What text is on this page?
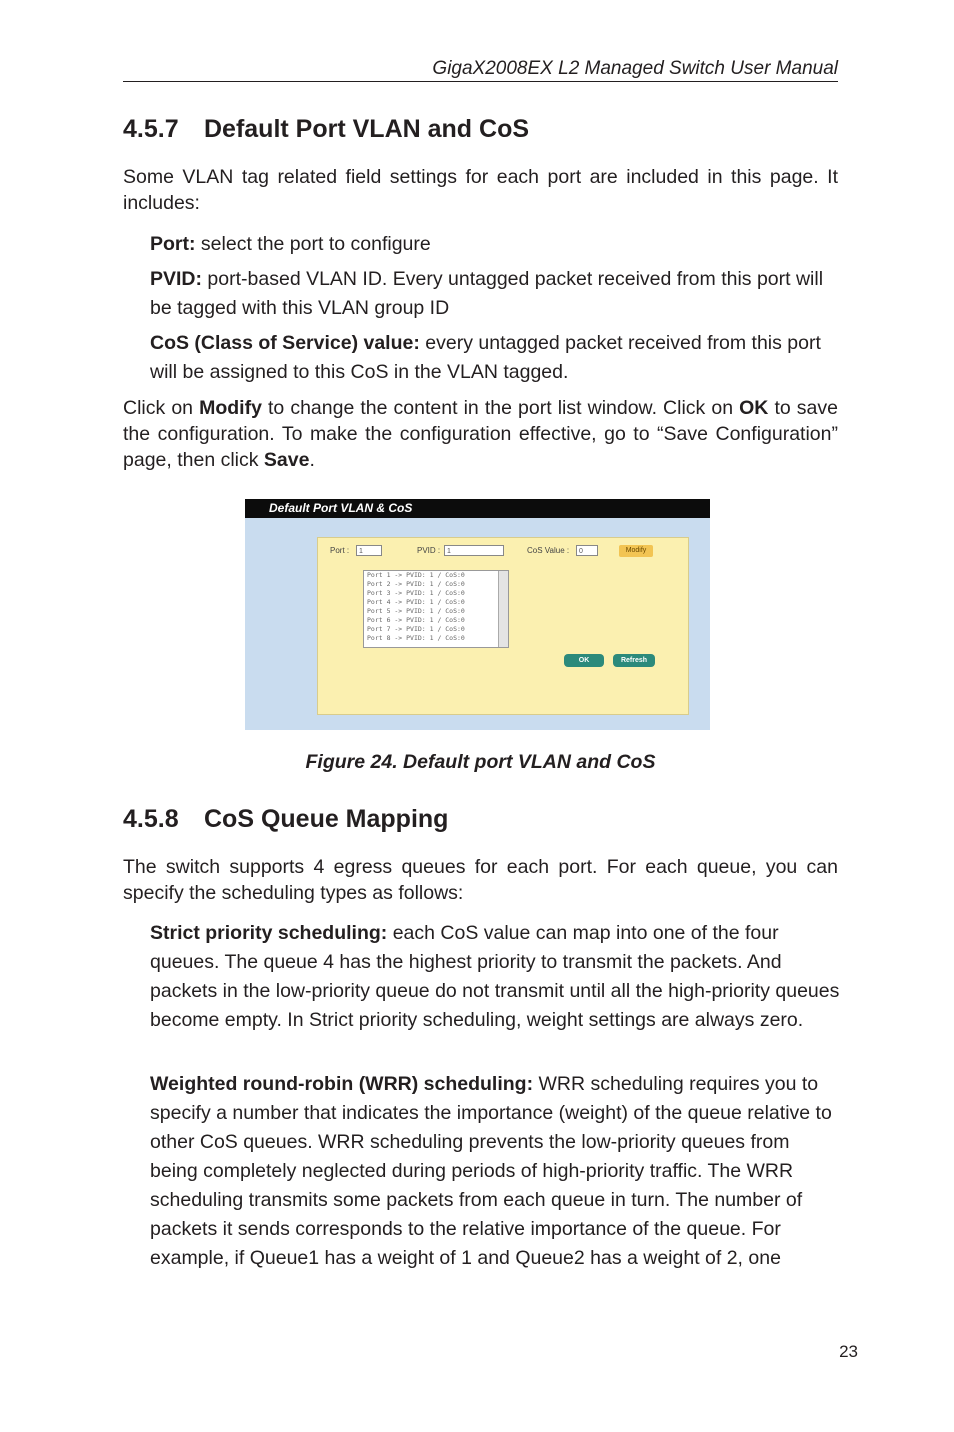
GigaX2008EX L2 Managed Switch User Manual
4.5.7 Default Port VLAN and CoS

Some VLAN tag related field settings for each port are included in this page. It includes:

Port: select the port to configure

PVID: port-based VLAN ID. Every untagged packet received from this port will be tagged with this VLAN group ID

CoS (Class of Service) value: every untagged packet received from this port will be assigned to this CoS in the VLAN tagged.

Click on Modify to change the content in the port list window. Click on OK to save the configuration. To make the configuration effective, go to “Save Configuration” page, then click Save.

Default Port VLAN & CoS
Port :	1	PVID : 1	CoS Value :	0	Modify
Port 1 -> PVID: 1 / CoS:0
Port 2 -> PVID: 1 / CoS:0
Port 3 -> PVID: 1 / CoS:0
Port 4 -> PVID: 1 / CoS:0
Port 5 -> PVID: 1 / CoS:0
Port 6 -> PVID: 1 / CoS:0
Port 7 -> PVID: 1 / CoS:0
Port 8 -> PVID: 1 / CoS:0
OK	Refresh
Figure 24. Default port VLAN and CoS
4.5.8 CoS Queue Mapping

The switch supports 4 egress queues for each port. For each queue, you can specify the scheduling types as follows:

Strict priority scheduling: each CoS value can map into one of the four queues. The queue 4 has the highest priority to transmit the packets. And packets in the low-priority queue do not transmit until all the high-priority queues become empty. In Strict priority scheduling, weight settings are always zero.

Weighted round-robin (WRR) scheduling: WRR scheduling requires you to specify a number that indicates the importance (weight) of the queue relative to other CoS queues. WRR scheduling prevents the low-priority queues from being completely neglected during periods of high-priority traffic. The WRR scheduling transmits some packets from each queue in turn. The number of packets it sends corresponds to the relative importance of the queue. For example, if Queue1 has a weight of 1 and Queue2 has a weight of 2, one

23
